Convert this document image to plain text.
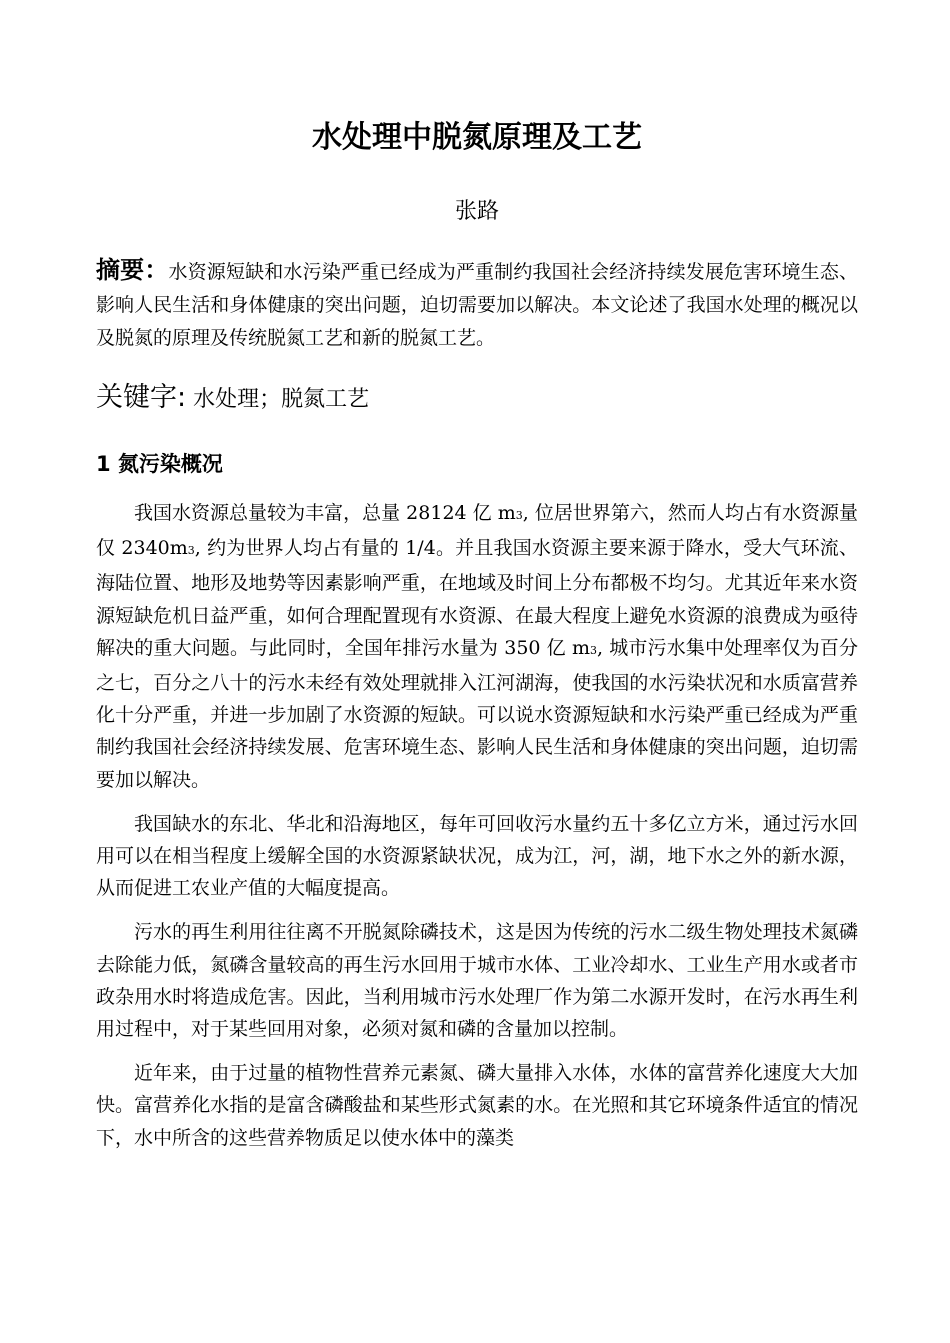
水处理中脱氮原理及工艺
张路
摘要：水资源短缺和水污染严重已经成为严重制约我国社会经济持续发展危害环境生态、影响人民生活和身体健康的突出问题，迫切需要加以解决。本文论述了我国水处理的概况以及脱氮的原理及传统脱氮工艺和新的脱氮工艺。
关键字: 水处理；脱氮工艺
1 氮污染概况

我国水资源总量较为丰富，总量 28124 亿 m3, 位居世界第六，然而人均占有水资源量仅 2340m3, 约为世界人均占有量的 1/4。并且我国水资源主要来源于降水，受大气环流、海陆位置、地形及地势等因素影响严重，在地域及时间上分布都极不均匀。尤其近年来水资源短缺危机日益严重，如何合理配置现有水资源、在最大程度上避免水资源的浪费成为亟待解决的重大问题。与此同时，全国年排污水量为 350 亿 m3, 城市污水集中处理率仅为百分之七，百分之八十的污水未经有效处理就排入江河湖海，使我国的水污染状况和水质富营养化十分严重，并进一步加剧了水资源的短缺。可以说水资源短缺和水污染严重已经成为严重制约我国社会经济持续发展、危害环境生态、影响人民生活和身体健康的突出问题，迫切需要加以解决。

我国缺水的东北、华北和沿海地区，每年可回收污水量约五十多亿立方米，通过污水回用可以在相当程度上缓解全国的水资源紧缺状况，成为江，河，湖，地下水之外的新水源，从而促进工农业产值的大幅度提高。

污水的再生利用往往离不开脱氮除磷技术，这是因为传统的污水二级生物处理技术氮磷去除能力低，氮磷含量较高的再生污水回用于城市水体、工业冷却水、工业生产用水或者市政杂用水时将造成危害。因此，当利用城市污水处理厂作为第二水源开发时，在污水再生利用过程中，对于某些回用对象，必须对氮和磷的含量加以控制。

近年来，由于过量的植物性营养元素氮、磷大量排入水体，水体的富营养化速度大大加快。富营养化水指的是富含磷酸盐和某些形式氮素的水。在光照和其它环境条件适宜的情况下，水中所含的这些营养物质足以使水体中的藻类
